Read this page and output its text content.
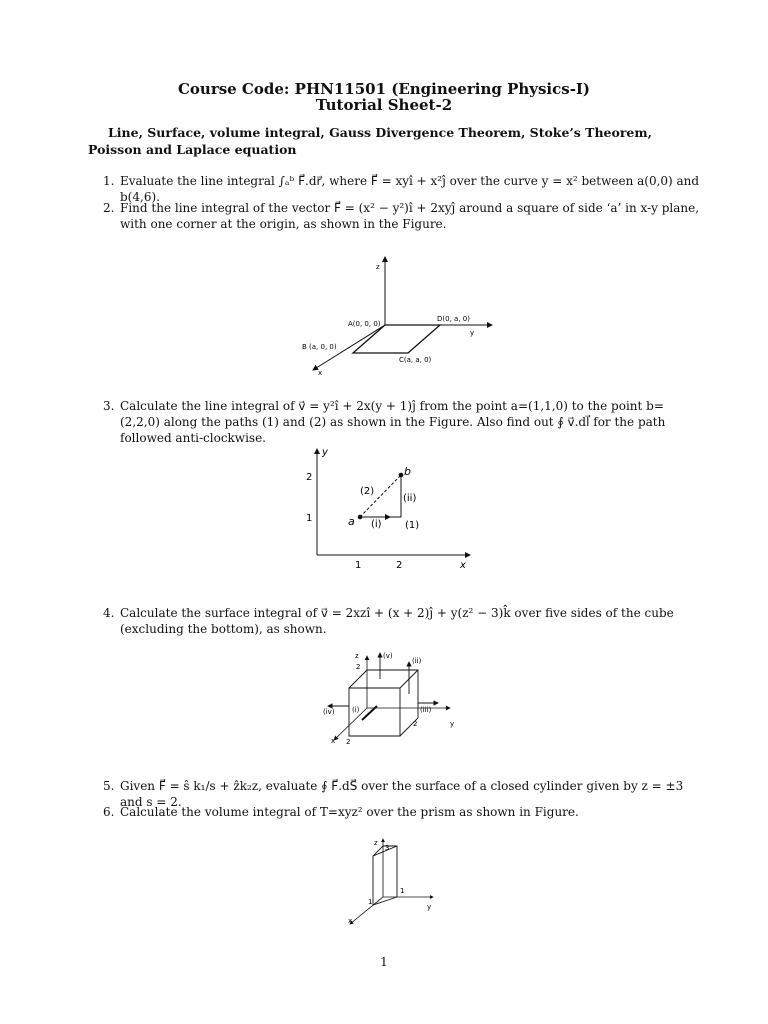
Course Code: PHN11501 (Engineering Physics-I)
Tutorial Sheet-2
Line, Surface, volume integral, Gauss Divergence Theorem, Stoke’s Theorem, Poisson and Laplace equation
1. Evaluate the line integral ∫ₐᵇ F⃗.dr⃗, where F⃗ = xyî + x²ĵ over the curve y = x² between a(0,0) and b(4,6).
2. Find the line integral of the vector F⃗ = (x² − y²)î + 2xyĵ around a square of side ‘a’ in x-y plane, with one corner at the origin, as shown in the Figure.
z
y
x
A(0, 0, 0)
D(0, a, 0)
B (a, 0, 0)
C(a, a, 0)
3. Calculate the line integral of v⃗ = y²î + 2x(y + 1)ĵ from the point a=(1,1,0) to the point b=(2,2,0) along the paths (1) and (2) as shown in the Figure. Also find out ∮ v⃗.dl⃗ for the path followed anti-clockwise.
y
x
2
1
1	2
a
b
(2)
(ii)
(i) (1)
4. Calculate the surface integral of v⃗ = 2xzî + (x + 2)ĵ + y(z² − 3)k̂ over five sides of the cube (excluding the bottom), as shown.
z
2
(v)
(ii)
(iv) (i)	(iii)
2	y
x 2
5. Given F⃗ = ŝ k₁/s + ẑk₂z, evaluate ∮ F⃗.dS⃗ over the surface of a closed cylinder given by z = ±3 and s = 2.
6. Calculate the volume integral of T=xyz² over the prism as shown in Figure.
z
3
1
1
y
x
1
